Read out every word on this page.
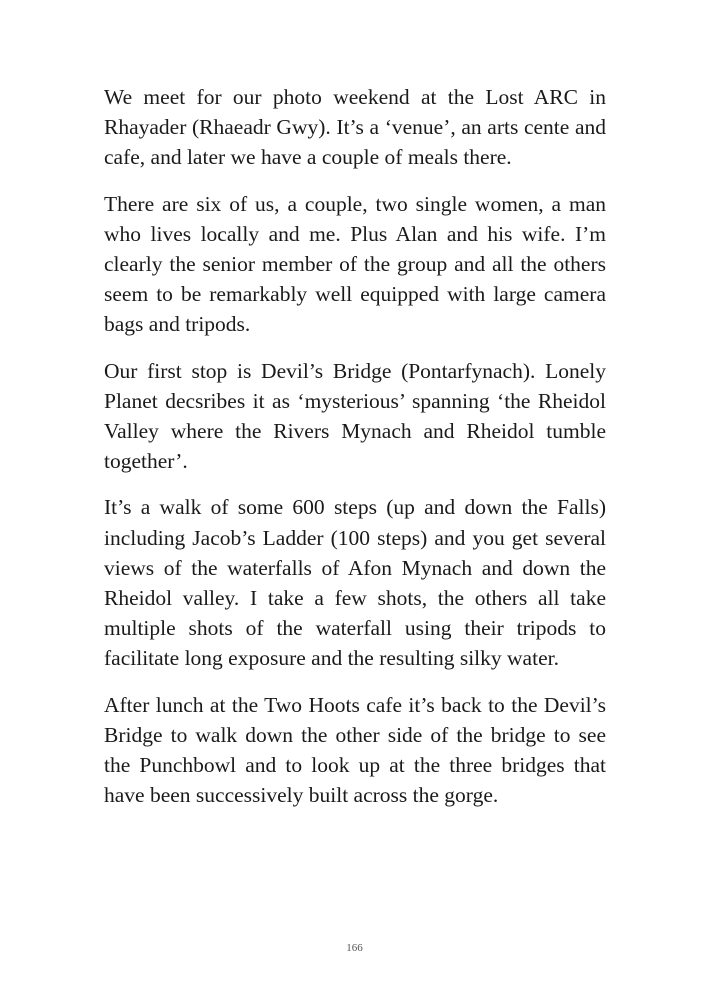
We meet for our photo weekend at the Lost ARC in Rhayader (Rhaeadr Gwy). It’s a ‘venue’, an arts cente and cafe, and later we have a couple of meals there.

There are six of us, a couple, two single women, a man who lives locally and me. Plus Alan and his wife. I’m clearly the senior member of the group and all the others seem to be remarkably well equipped with large camera bags and tripods.

Our first stop is Devil’s Bridge (Pontarfynach). Lonely Planet decsribes it as ‘mysterious’ spanning ‘the Rheidol Valley where the Rivers Mynach and Rheidol tumble together’.

It’s a walk of some 600 steps (up and down the Falls) including Jacob’s Ladder (100 steps) and you get several views of the waterfalls of Afon Mynach and down the Rheidol valley. I take a few shots, the others all take multiple shots of the waterfall using their tripods to facilitate long exposure and the resulting silky water.

After lunch at the Two Hoots cafe it’s back to the Devil’s Bridge to walk down the other side of the bridge to see the Punchbowl and to look up at the three bridges that have been successively built across the gorge.

166
